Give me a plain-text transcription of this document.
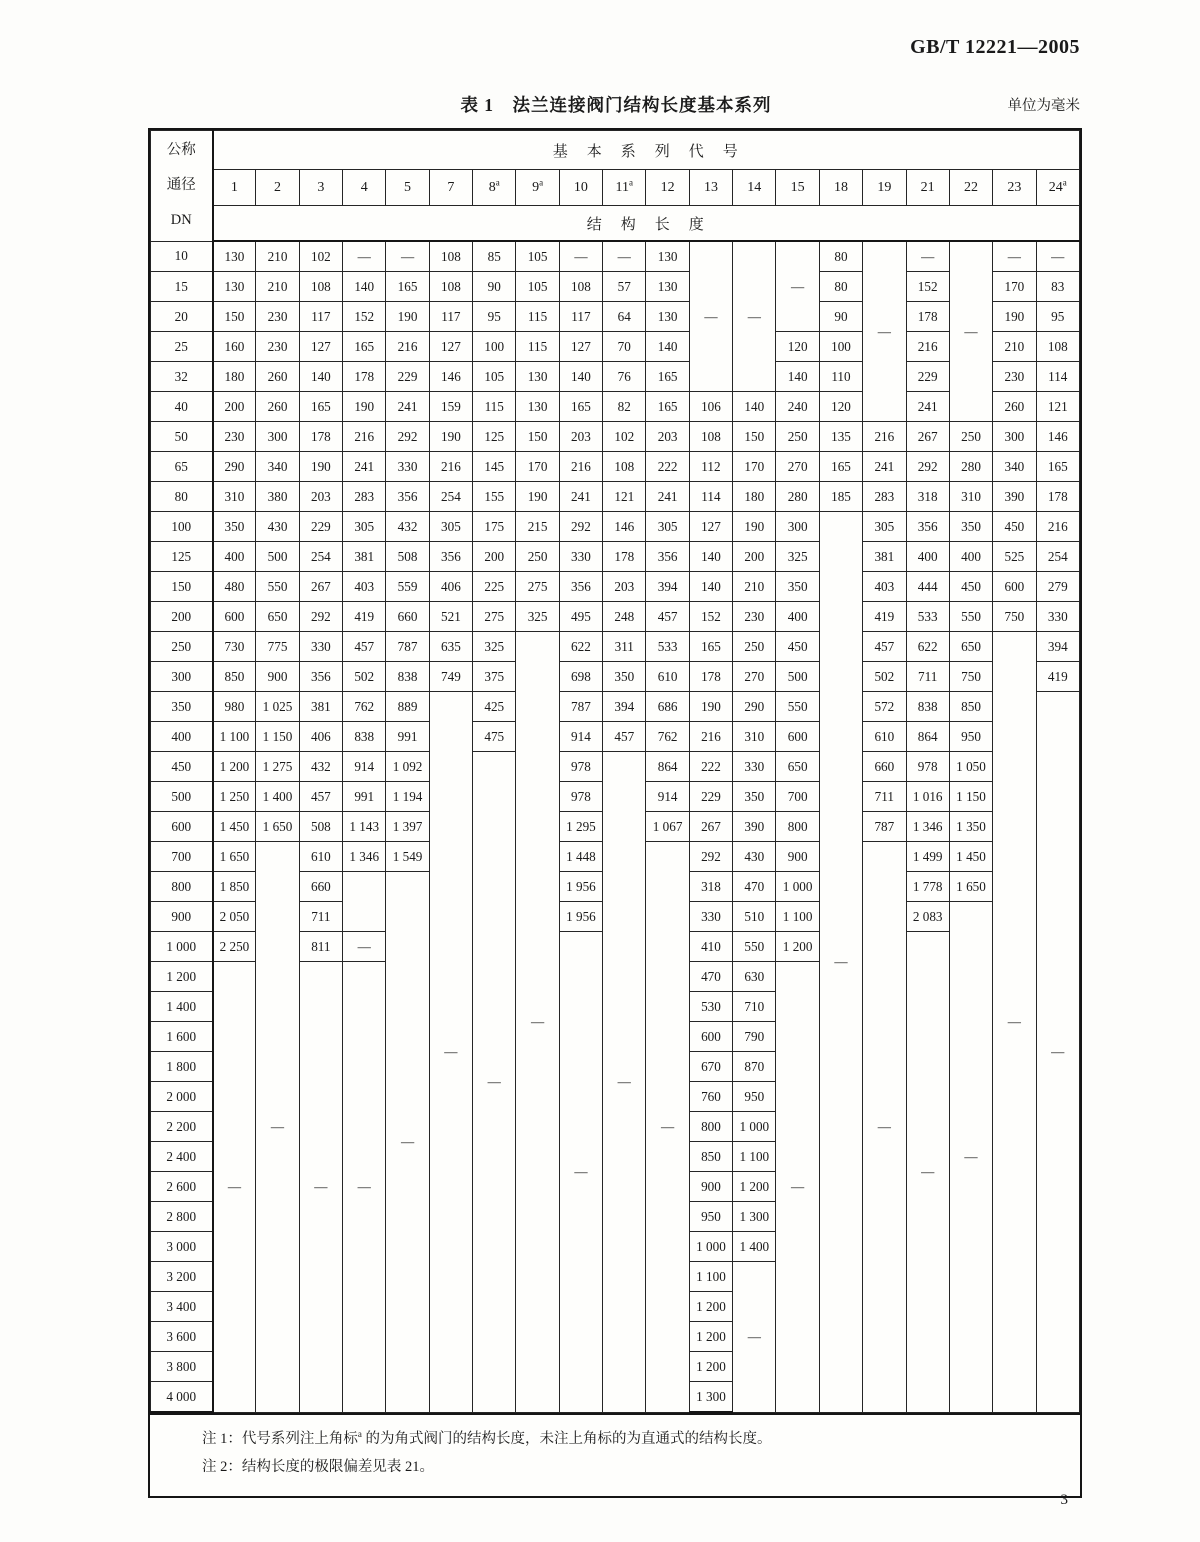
GB/T 12221—2005
表 1　法兰连接阀门结构长度基本系列	单位为毫米
公称
通径
DN	基　本　系　列　代　号																			
	1	2	3	4	5	7	8$^a$	9$^a$	10	11$^a$	12	13	14	15	18	19	21	22	23	24$^a$
	结　构　长　度																			
10	130	210	102	—	—	108	85	105	—	—	130	—	—	—	80	—	—	—	—	—
15	130	210	108	140	165	108	90	105	108	57	130				80		152		170	83
20	150	230	117	152	190	117	95	115	117	64	130				90		178		190	95
25	160	230	127	165	216	127	100	115	127	70	140			120	100		216		210	108
32	180	260	140	178	229	146	105	130	140	76	165			140	110		229		230	114
40	200	260	165	190	241	159	115	130	165	82	165	106	140	240	120		241		260	121
50	230	300	178	216	292	190	125	150	203	102	203	108	150	250	135	216	267	250	300	146
65	290	340	190	241	330	216	145	170	216	108	222	112	170	270	165	241	292	280	340	165
80	310	380	203	283	356	254	155	190	241	121	241	114	180	280	185	283	318	310	390	178
100	350	430	229	305	432	305	175	215	292	146	305	127	190	300	—	305	356	350	450	216
125	400	500	254	381	508	356	200	250	330	178	356	140	200	325		381	400	400	525	254
150	480	550	267	403	559	406	225	275	356	203	394	140	210	350		403	444	450	600	279
200	600	650	292	419	660	521	275	325	495	248	457	152	230	400		419	533	550	750	330
250	730	775	330	457	787	635	325	—	622	311	533	165	250	450		457	622	650	—	394
300	850	900	356	502	838	749	375		698	350	610	178	270	500		502	711	750		419
350	980	1 025	381	762	889	—	425		787	394	686	190	290	550		572	838	850		—
400	1 100	1 150	406	838	991		475		914	457	762	216	310	600		610	864	950		
450	1 200	1 275	432	914	1 092		—		978	—	864	222	330	650		660	978	1 050		
500	1 250	1 400	457	991	1 194				978		914	229	350	700		711	1 016	1 150		
600	1 450	1 650	508	1 143	1 397				1 295		1 067	267	390	800		787	1 346	1 350		
700	1 650	—	610	1 346	1 549				1 448		—	292	430	900		—	1 499	1 450		
800	1 850		660		—				1 956			318	470	1 000			1 778	1 650		
900	2 050		711						1 956			330	510	1 100			2 083	—		
1 000	2 250		811	—					—			410	550	1 200			—			
1 200	—		—	—								470	630	—						
1 400												530	710							
1 600												600	790							
1 800												670	870							
2 000												760	950							
2 200												800	1 000							
2 400												850	1 100							
2 600												900	1 200							
2 800												950	1 300							
3 000												1 000	1 400							
3 200												1 100	—							
3 400												1 200								
3 600												1 200								
3 800												1 200								
4 000												1 300								
注 1：代号系列注上角标$^a$ 的为角式阀门的结构长度，未注上角标的为直通式的结构长度。
注 2：结构长度的极限偏差见表 21。
3
